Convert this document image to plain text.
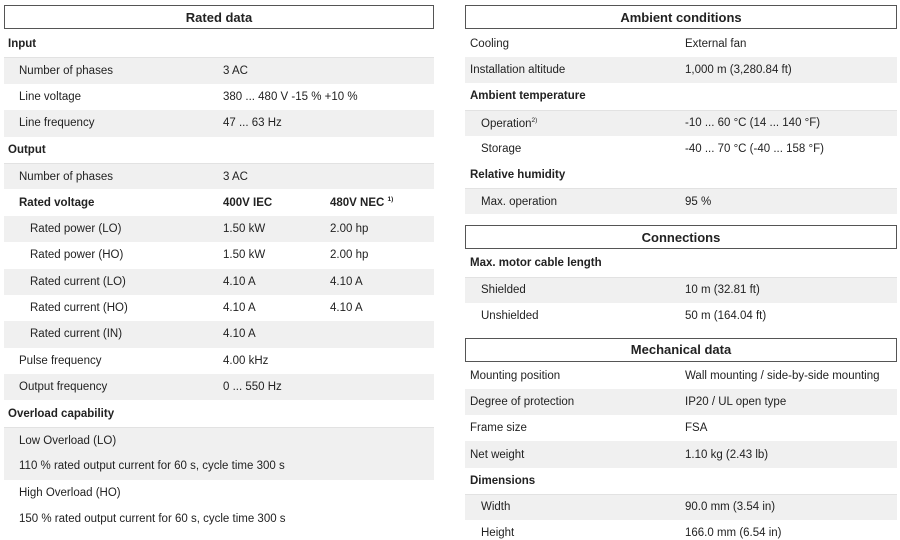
Rated data
Input
Number of phases	3 AC
Line voltage	380 ... 480 V -15 % +10 %
Line frequency	47 ... 63 Hz
Output
Number of phases	3 AC
Rated voltage	400V IEC	480V NEC $^{1)}$
Rated power (LO)	1.50 kW	2.00 hp
Rated power (HO)	1.50 kW	2.00 hp
Rated current (LO)	4.10 A	4.10 A
Rated current (HO)	4.10 A	4.10 A
Rated current (IN)	4.10 A
Pulse frequency	4.00 kHz
Output frequency	0 ... 550 Hz
Overload capability
Low Overload (LO)
110 % rated output current for 60 s, cycle time 300 s
High Overload (HO)
150 % rated output current for 60 s, cycle time 300 s
Ambient conditions
Cooling	External fan
Installation altitude	1,000 m (3,280.84 ft)
Ambient temperature
Operation$^{2)}$	-10 ... 60 °C (14 ... 140 °F)
Storage	-40 ... 70 °C (-40 ... 158 °F)
Relative humidity
Max. operation	95 %
Connections
Max. motor cable length
Shielded	10 m (32.81 ft)
Unshielded	50 m (164.04 ft)
Mechanical data
Mounting position	Wall mounting / side-by-side mounting
Degree of protection	IP20 / UL open type
Frame size	FSA
Net weight	1.10 kg (2.43 lb)
Dimensions
Width	90.0 mm (3.54 in)
Height	166.0 mm (6.54 in)
